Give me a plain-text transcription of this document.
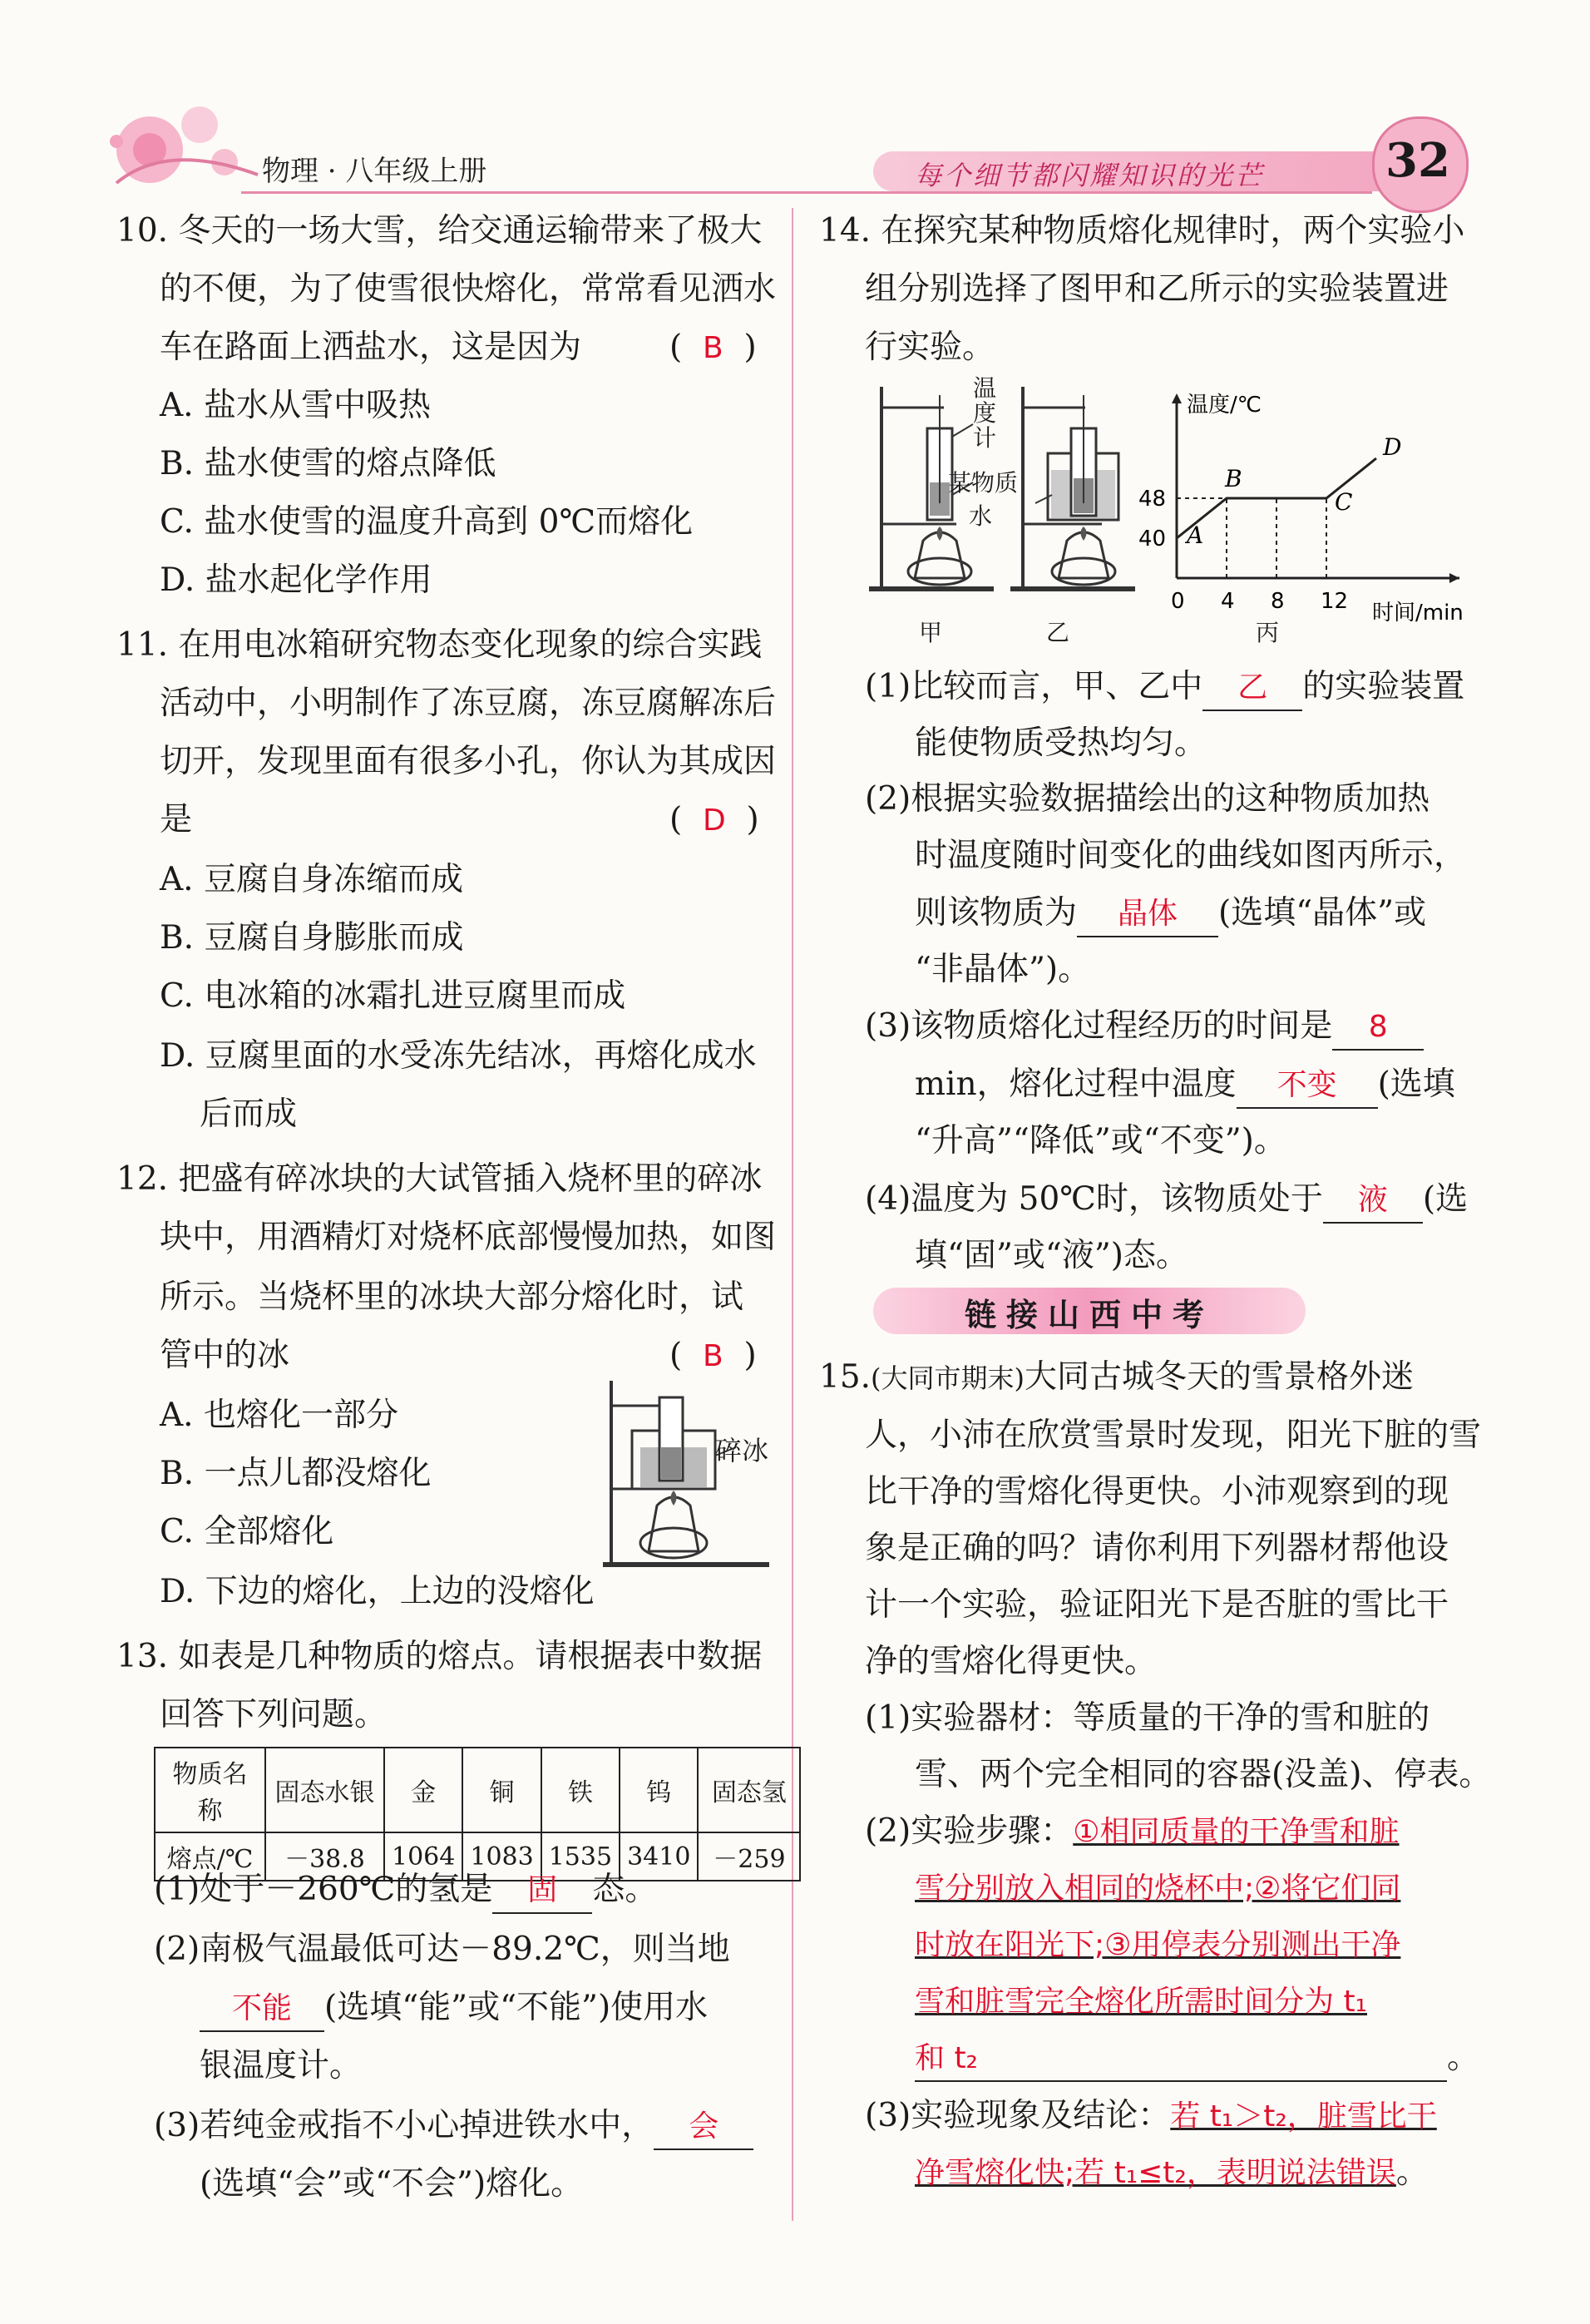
物理 · 八年级上册	每个细节都闪耀知识的光芒	32
10. 冬天的一场大雪，给交通运输带来了极大
的不便，为了使雪很快熔化，常常看见洒水
车在路面上洒盐水，这是因为	(  B  )
A. 盐水从雪中吸热
B. 盐水使雪的熔点降低
C. 盐水使雪的温度升高到 0℃而熔化
D. 盐水起化学作用
11. 在用电冰箱研究物态变化现象的综合实践
活动中，小明制作了冻豆腐，冻豆腐解冻后
切开，发现里面有很多小孔，你认为其成因
是	(  D  )
A. 豆腐自身冻缩而成
B. 豆腐自身膨胀而成
C. 电冰箱的冰霜扎进豆腐里而成
D. 豆腐里面的水受冻先结冰，再熔化成水
后而成
12. 把盛有碎冰块的大试管插入烧杯里的碎冰
块中，用酒精灯对烧杯底部慢慢加热，如图
所示。当烧杯里的冰块大部分熔化时，试
管中的冰	(  B  )
A. 也熔化一部分
B. 一点儿都没熔化
C. 全部熔化
D. 下边的熔化，上边的没熔化
碎冰
13. 如表是几种物质的熔点。请根据表中数据
回答下列问题。
物质名称	固态水银	金	铜	铁	钨	固态氢
熔点/℃	－38.8	1064	1083	1535	3410	－259
(1)处于－260℃的氢是 固 态。
(2)南极气温最低可达－89.2℃，则当地
不能 (选填“能”或“不能”)使用水
银温度计。
(3)若纯金戒指不小心掉进铁水中， 会
(选填“会”或“不会”)熔化。
14. 在探究某种物质熔化规律时，两个实验小
组分别选择了图甲和乙所示的实验装置进
行实验。
温度计
某物质
水
甲	乙
温度/℃
时间/min
0 4 8 12
40
48
A
B
C
D
丙
(1)比较而言，甲、乙中 乙 的实验装置
能使物质受热均匀。
(2)根据实验数据描绘出的这种物质加热
时温度随时间变化的曲线如图丙所示，
则该物质为 晶体 (选填“晶体”或
“非晶体”)。
(3)该物质熔化过程经历的时间是 8
min，熔化过程中温度 不变 (选填
“升高”“降低”或“不变”)。
(4)温度为 50℃时，该物质处于 液 (选
填“固”或“液”)态。
链接山西中考
15.(大同市期末)大同古城冬天的雪景格外迷
人，小沛在欣赏雪景时发现，阳光下脏的雪
比干净的雪熔化得更快。小沛观察到的现
象是正确的吗？请你利用下列器材帮他设
计一个实验，验证阳光下是否脏的雪比干
净的雪熔化得更快。
(1)实验器材：等质量的干净的雪和脏的
雪、两个完全相同的容器(没盖)、停表。
(2)实验步骤：①相同质量的干净雪和脏
雪分别放入相同的烧杯中;②将它们同
时放在阳光下;③用停表分别测出干净
雪和脏雪完全熔化所需时间分为 t₁
和 t₂	。
(3)实验现象及结论：若 t₁＞t₂，脏雪比干
净雪熔化快;若 t₁≤t₂，表明说法错误。
